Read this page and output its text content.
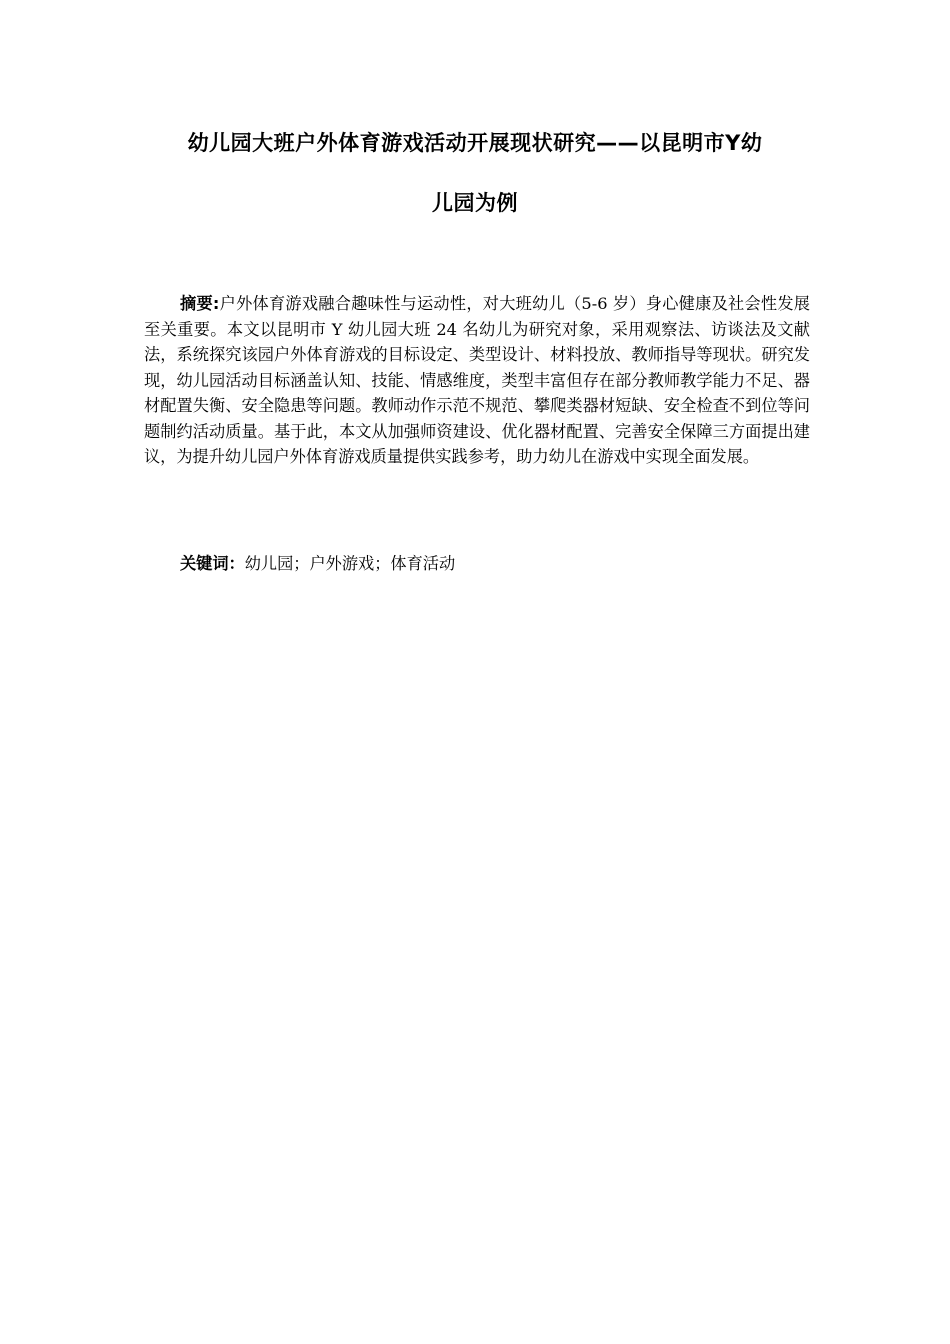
幼儿园大班户外体育游戏活动开展现状研究——以昆明市Y幼
儿园为例
摘要:户外体育游戏融合趣味性与运动性，对大班幼儿（5-6 岁）身心健康及社会性发展至关重要。本文以昆明市 Y 幼儿园大班 24 名幼儿为研究对象，采用观察法、访谈法及文献法，系统探究该园户外体育游戏的目标设定、类型设计、材料投放、教师指导等现状。研究发现，幼儿园活动目标涵盖认知、技能、情感维度，类型丰富但存在部分教师教学能力不足、器材配置失衡、安全隐患等问题。教师动作示范不规范、攀爬类器材短缺、安全检查不到位等问题制约活动质量。基于此，本文从加强师资建设、优化器材配置、完善安全保障三方面提出建议，为提升幼儿园户外体育游戏质量提供实践参考，助力幼儿在游戏中实现全面发展。
关键词：幼儿园；户外游戏；体育活动
